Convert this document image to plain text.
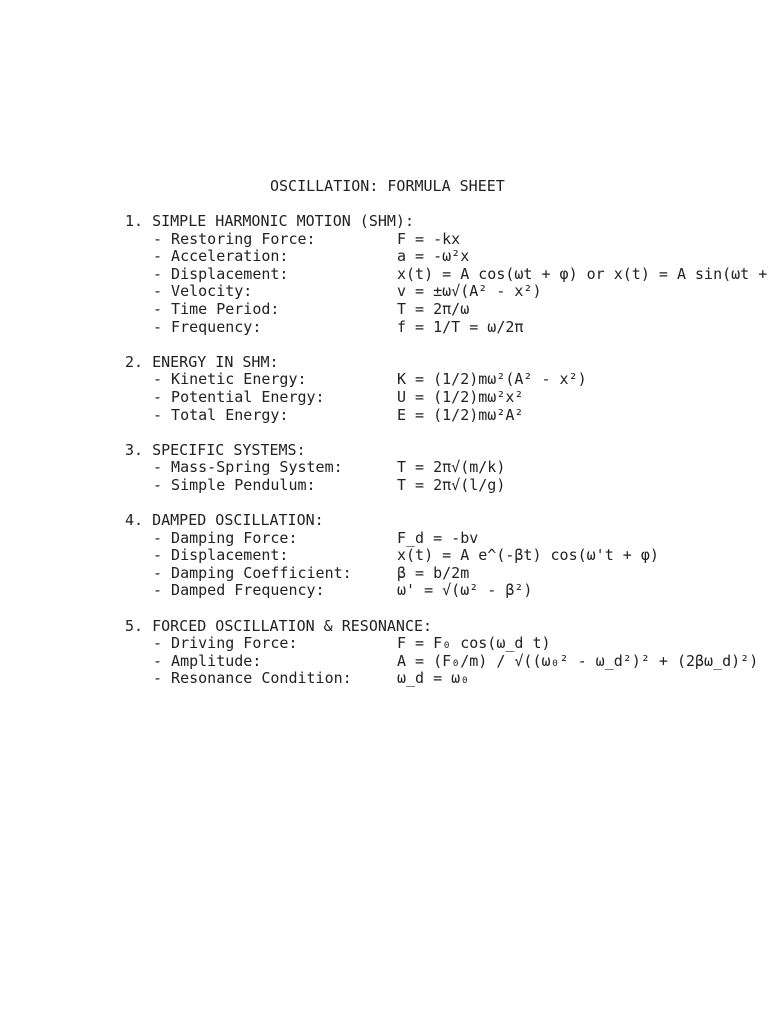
OSCILLATION: FORMULA SHEET
1. SIMPLE HARMONIC MOTION (SHM):

- Restoring Force:

	F = -kx

- Acceleration:

	a = -ω²x

- Displacement:

	x(t) = A cos(ωt + φ) or x(t) = A sin(ωt +

- Velocity:

	v = ±ω√(A² - x²)

- Time Period:

	T = 2π/ω

- Frequency:

	f = 1/T = ω/2π

2. ENERGY IN SHM:

- Kinetic Energy:

	K = (1/2)mω²(A² - x²)

- Potential Energy:

	U = (1/2)mω²x²

- Total Energy:

	E = (1/2)mω²A²

3. SPECIFIC SYSTEMS:

- Mass-Spring System:

	T = 2π√(m/k)

- Simple Pendulum:

	T = 2π√(l/g)

4. DAMPED OSCILLATION:

- Damping Force:

	F_d = -bv

- Displacement:

	x(t) = A e^(-βt) cos(ω't + φ)

- Damping Coefficient:

	β = b/2m

- Damped Frequency:

	ω' = √(ω² - β²)

5. FORCED OSCILLATION & RESONANCE:

- Driving Force:

	F = F₀ cos(ω_d t)

- Amplitude:

	A = (F₀/m) / √((ω₀² - ω_d²)² + (2βω_d)²)

- Resonance Condition:

	ω_d = ω₀
